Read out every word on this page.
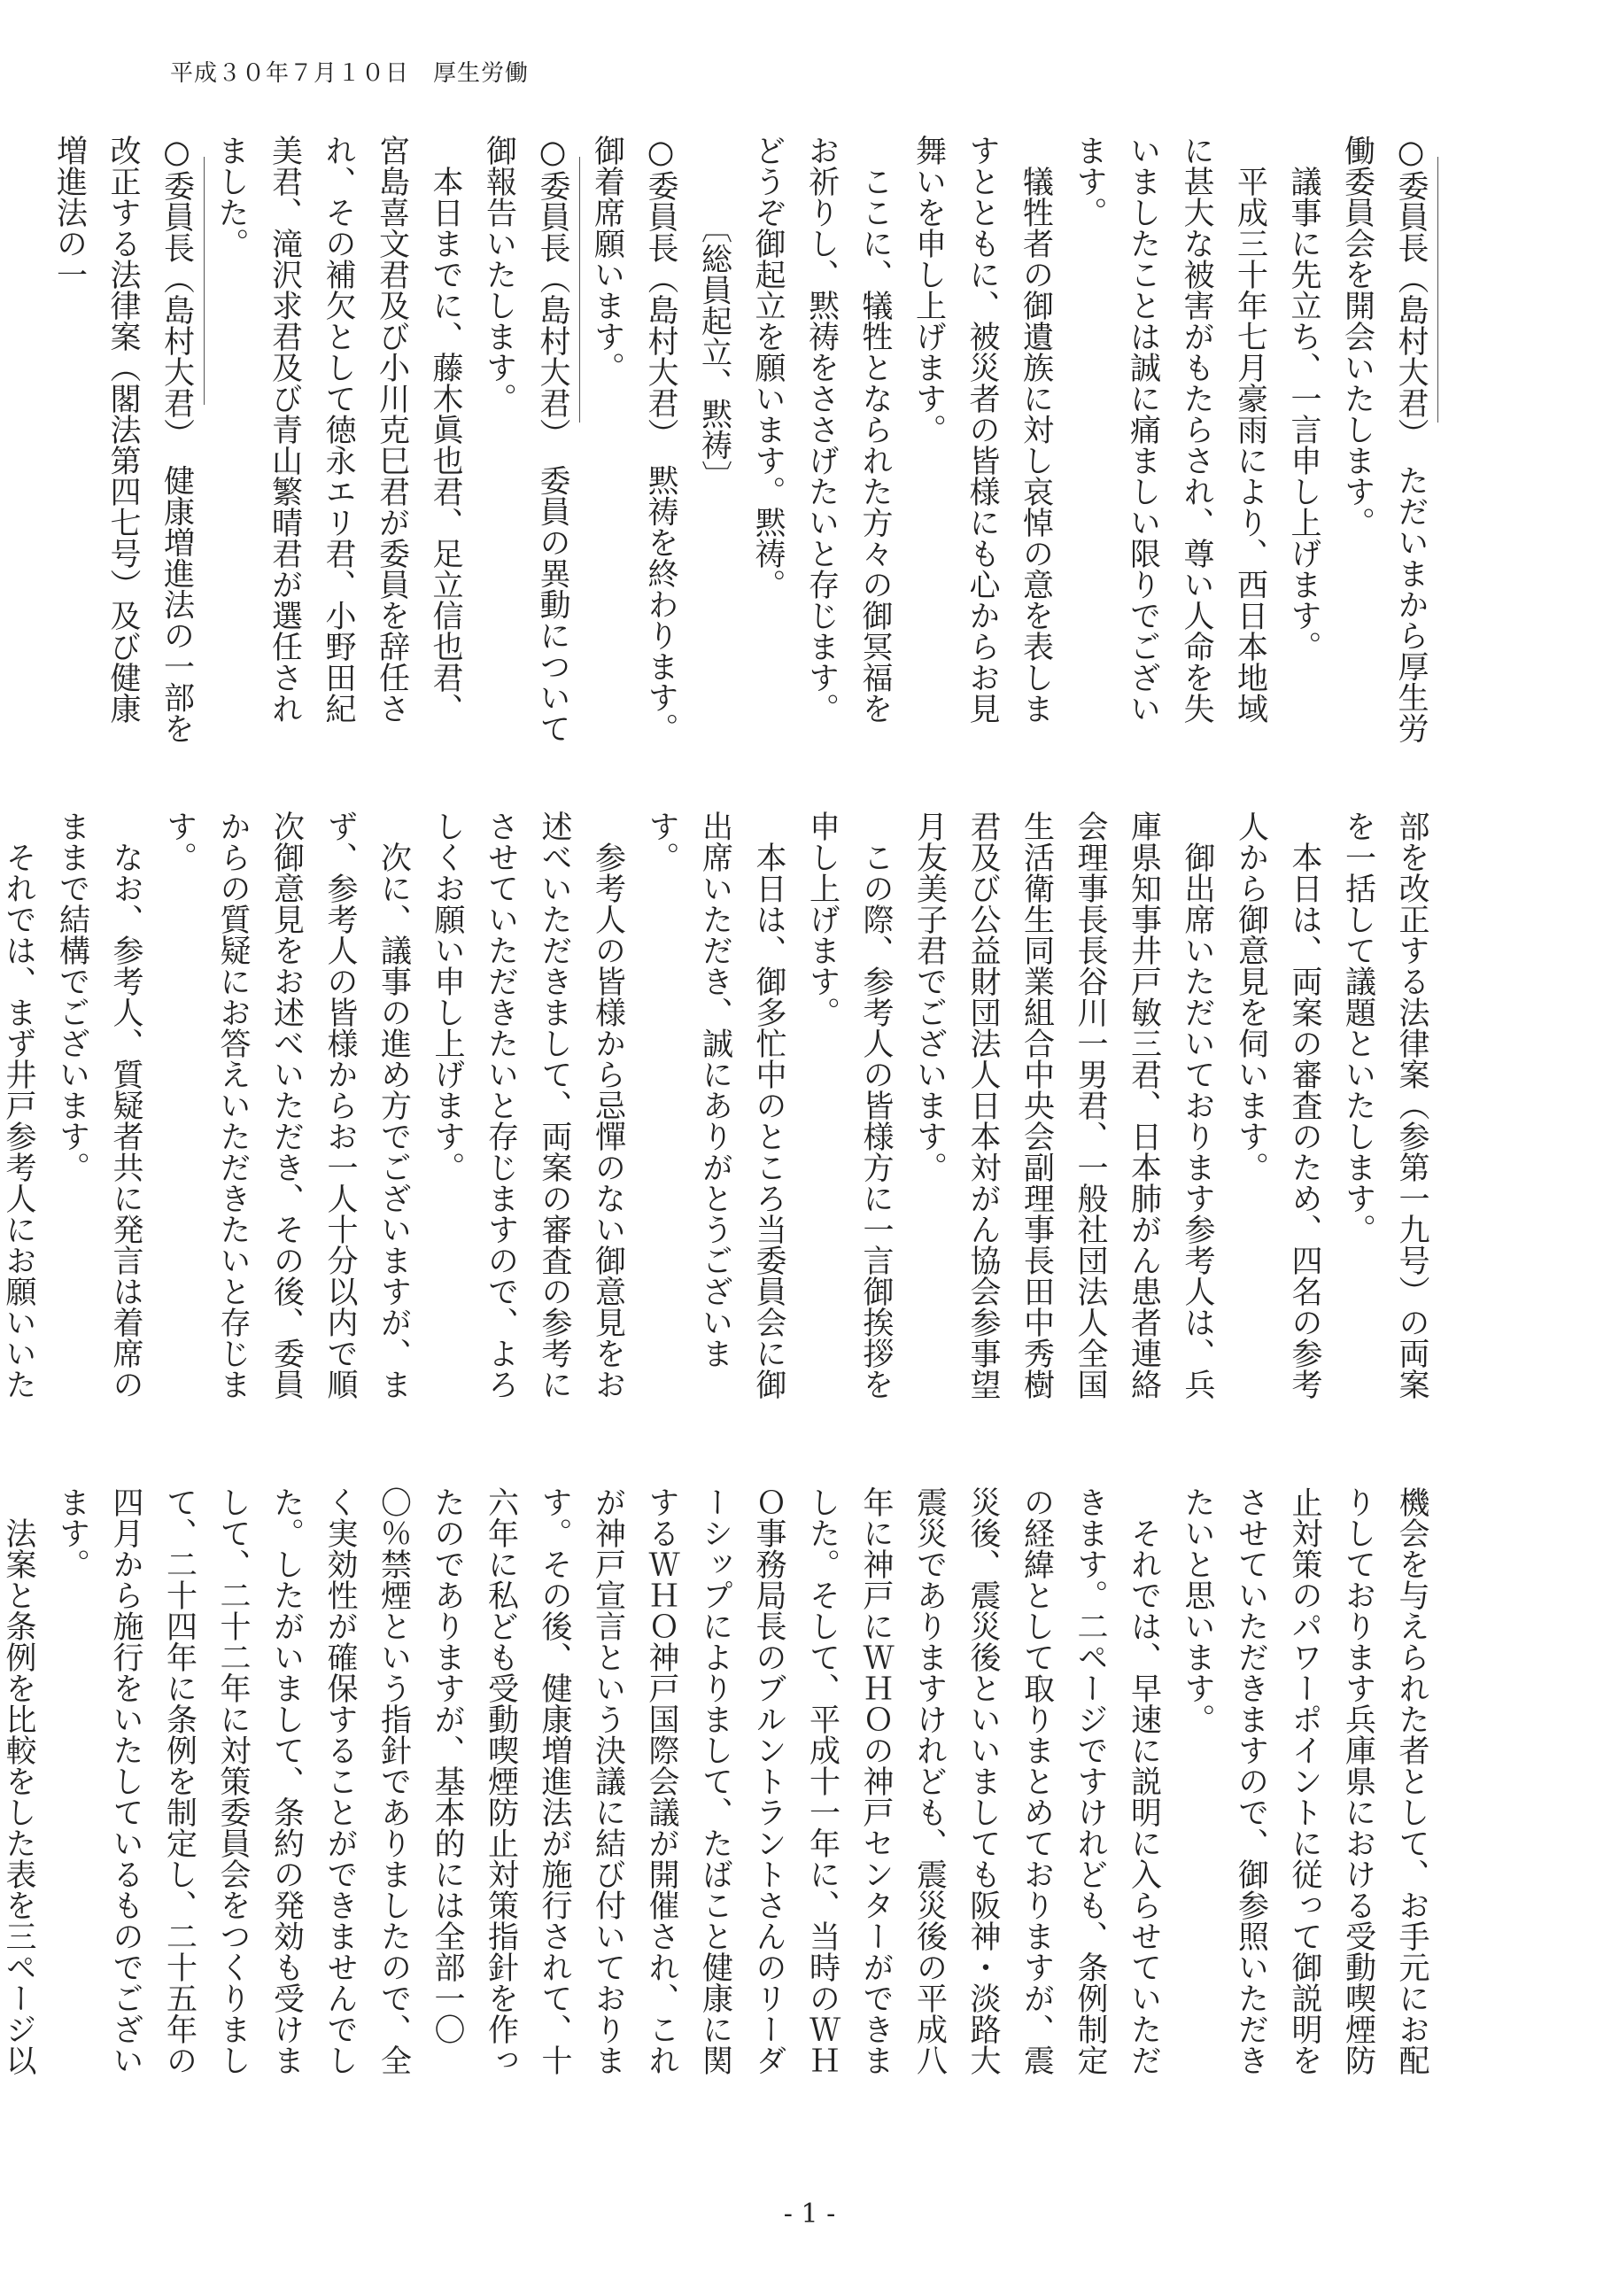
平成３０年７月１０日　厚生労働

○委員長（島村大君）　ただいまから厚生労働委員会を開会いたします。

　議事に先立ち、一言申し上げます。

　平成三十年七月豪雨により、西日本地域に甚大な被害がもたらされ、尊い人命を失いましたことは誠に痛ましい限りでございます。

　犠牲者の御遺族に対し哀悼の意を表しますとともに、被災者の皆様にも心からお見舞いを申し上げます。

　ここに、犠牲となられた方々の御冥福をお祈りし、黙祷をささげたいと存じます。どうぞ御起立を願います。黙祷。

　　　〔総員起立、黙祷〕

○委員長（島村大君）　黙祷を終わります。御着席願います。

○委員長（島村大君）　委員の異動について御報告いたします。

　本日までに、藤木眞也君、足立信也君、宮島喜文君及び小川克巳君が委員を辞任され、その補欠として徳永エリ君、小野田紀美君、滝沢求君及び青山繁晴君が選任されました。

○委員長（島村大君）　健康増進法の一部を改正する法律案（閣法第四七号）及び健康増進法の一

部を改正する法律案（参第一九号）の両案を一括して議題といたします。

　本日は、両案の審査のため、四名の参考人から御意見を伺います。

　御出席いただいております参考人は、兵庫県知事井戸敏三君、日本肺がん患者連絡会理事長長谷川一男君、一般社団法人全国生活衛生同業組合中央会副理事長田中秀樹君及び公益財団法人日本対がん協会参事望月友美子君でございます。

　この際、参考人の皆様方に一言御挨拶を申し上げます。

　本日は、御多忙中のところ当委員会に御出席いただき、誠にありがとうございます。

　参考人の皆様から忌憚のない御意見をお述べいただきまして、両案の審査の参考にさせていただきたいと存じますので、よろしくお願い申し上げます。

　次に、議事の進め方でございますが、まず、参考人の皆様からお一人十分以内で順次御意見をお述べいただき、その後、委員からの質疑にお答えいただきたいと存じます。

　なお、参考人、質疑者共に発言は着席のままで結構でございます。

　それでは、まず井戸参考人にお願いいた

機会を与えられた者として、お手元にお配りしております兵庫県における受動喫煙防止対策のパワーポイントに従って御説明をさせていただきますので、御参照いただきたいと思います。

　それでは、早速に説明に入らせていただきます。二ページですけれども、条例制定の経緯として取りまとめておりますが、震災後、震災後といいましても阪神・淡路大震災でありますけれども、震災後の平成八年に神戸にＷＨＯの神戸センターができました。そして、平成十一年に、当時のＷＨＯ事務局長のブルントラントさんのリーダーシップによりまして、たばこと健康に関するＷＨＯ神戸国際会議が開催され、これが神戸宣言という決議に結び付いております。その後、健康増進法が施行されて、十六年に私ども受動喫煙防止対策指針を作ったのでありますが、基本的には全部一〇〇％禁煙という指針でありましたので、全く実効性が確保することができませんでした。したがいまして、条約の発効も受けまして、二十二年に対策委員会をつくりまして、二十四年に条例を制定し、二十五年の四月から施行をいたしているものでございます。

　法案と条例を比較をした表を三ページ以

- 1 -
